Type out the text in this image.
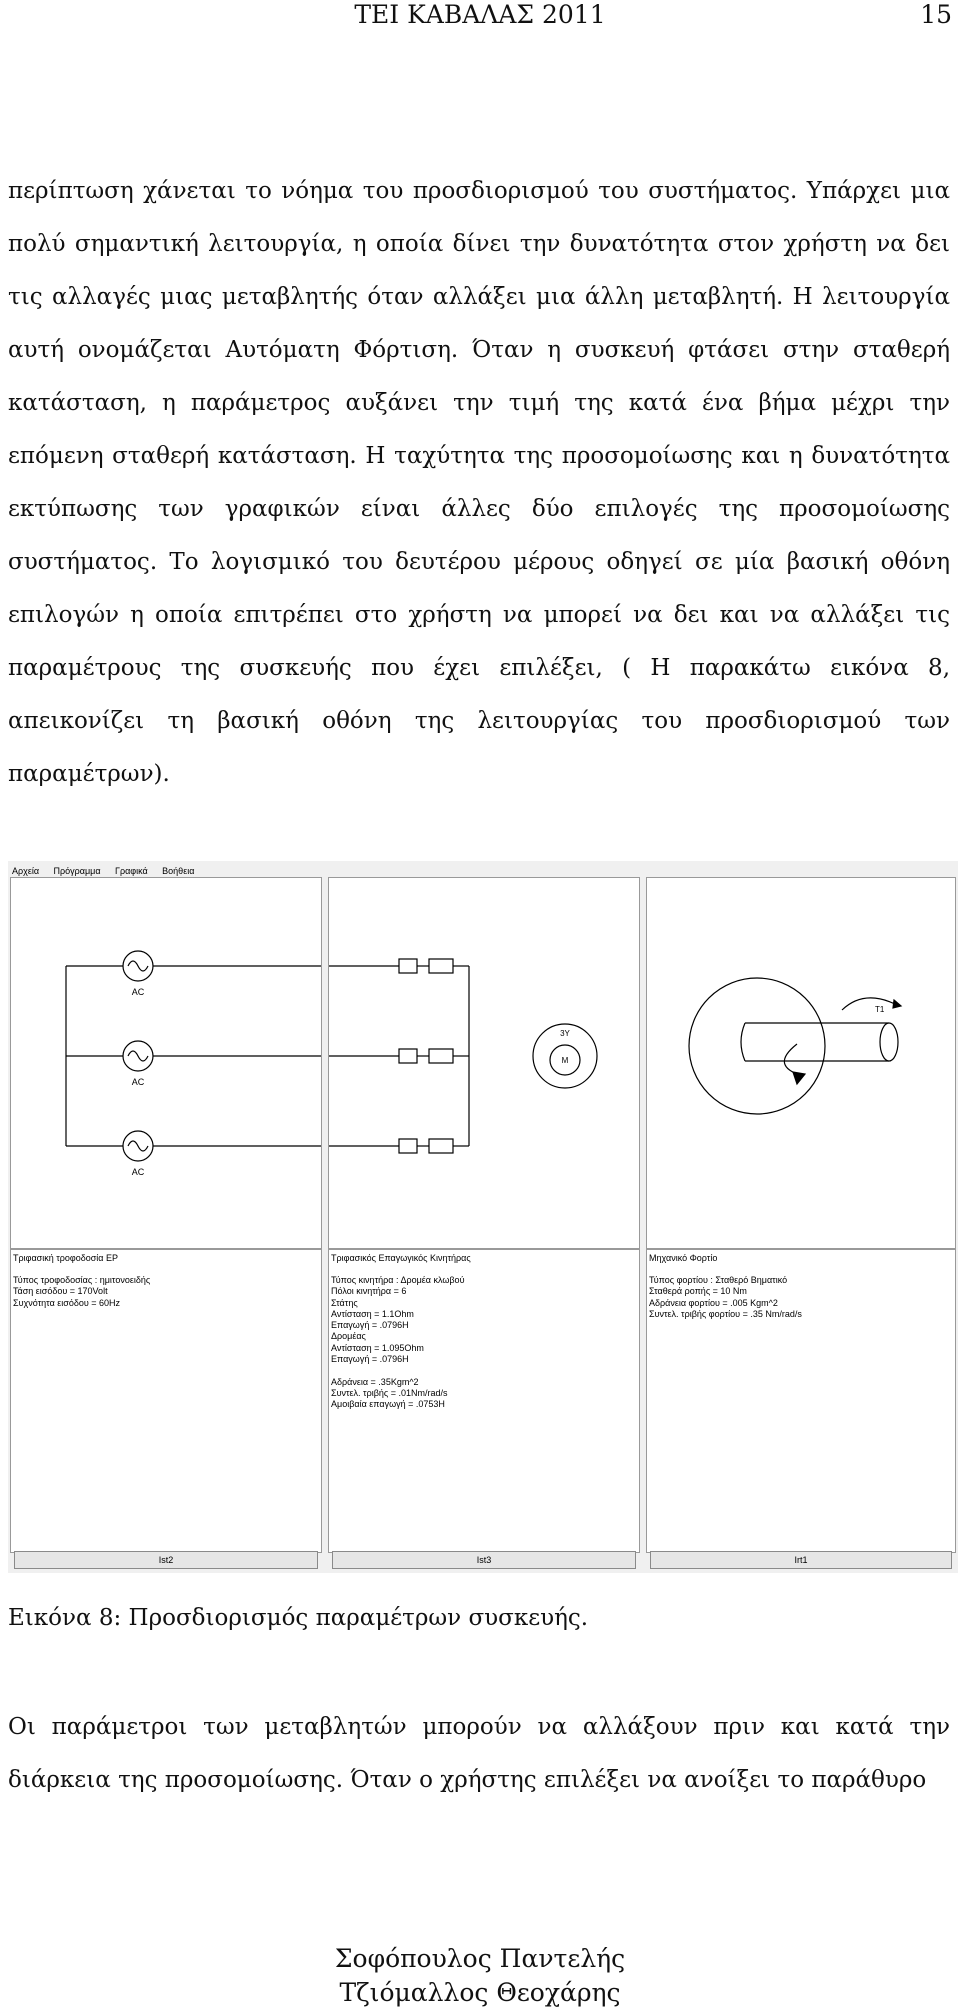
ΤΕΙ ΚΑΒΑΛΑΣ 2011	15
περίπτωση χάνεται το νόημα του προσδιορισμού του συστήματος. Υπάρχει μια πολύ σημαντική λειτουργία, η οποία δίνει την δυνατότητα στον χρήστη να δει τις αλλαγές μιας μεταβλητής όταν αλλάξει μια άλλη μεταβλητή. Η λειτουργία αυτή ονομάζεται Αυτόματη Φόρτιση. Όταν η συσκευή φτάσει στην σταθερή κατάσταση, η παράμετρος αυξάνει την τιμή της κατά ένα βήμα μέχρι την επόμενη σταθερή κατάσταση. Η ταχύτητα της προσομοίωσης και η δυνατότητα εκτύπωσης των γραφικών είναι άλλες δύο επιλογές της προσομοίωσης συστήματος. Το λογισμικό του δευτέρου μέρους οδηγεί σε μία βασική οθόνη επιλογών η οποία επιτρέπει στο χρήστη να μπορεί να δει και να αλλάξει τις παραμέτρους της συσκευής που έχει επιλέξει, ( Η παρακάτω εικόνα 8, απεικονίζει τη βασική οθόνη της λειτουργίας του προσδιορισμού των παραμέτρων).
Αρχεία Πρόγραμμα Γραφικά Βοήθεια
AC
AC
AC
Τριφασική τροφοδοσία ΕΡ
Τύπος τροφοδοσίας : ημιτονοειδής
Τάση εισόδου = 170Volt
Συχνότητα εισόδου = 60Hz
Ist2
3Y
M
Τριφασικός Επαγωγικός Κινητήρας
Τύπος κινητήρα : Δρομέα κλωβού
Πόλοι κινητήρα = 6
Στάτης
Αντίσταση = 1.1Ohm
Επαγωγή = .0796H
Δρομέας
Αντίσταση = 1.095Ohm
Επαγωγή = .0796H

Αδράνεια = .35Kgm^2
Συντελ. τριβής = .01Nm/rad/s
Αμοιβαία επαγωγή = .0753H
Ist3
T1
Μηχανικό Φορτίο
Τύπος φορτίου : Σταθερό Βηματικό
Σταθερά ροπής = 10 Nm
Αδράνεια φορτίου = .005 Kgm^2
Συντελ. τριβής φορτίου = .35 Nm/rad/s
Irt1
Εικόνα 8: Προσδιορισμός παραμέτρων συσκευής.
Οι παράμετροι των μεταβλητών μπορούν να αλλάξουν πριν και κατά την διάρκεια της προσομοίωσης. Όταν ο χρήστης επιλέξει να ανοίξει το παράθυρο
Σοφόπουλος Παντελής
Τζιόμαλλος Θεοχάρης
